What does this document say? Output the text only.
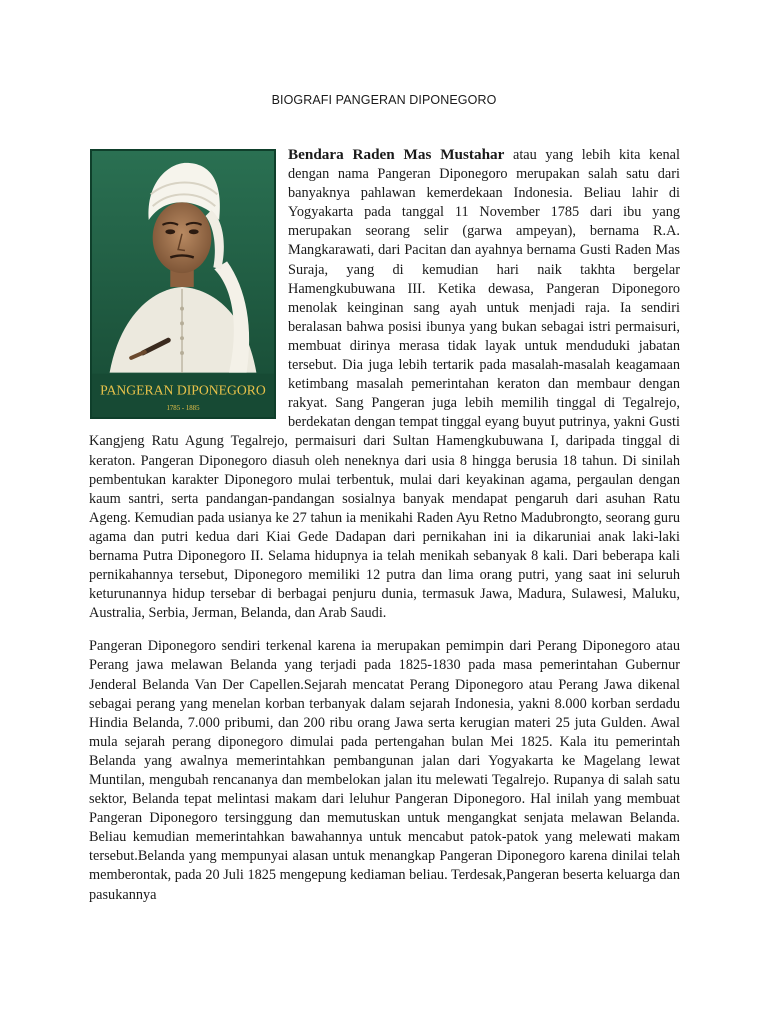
BIOGRAFI PANGERAN DIPONEGORO
PANGERAN DIPONEGORO
1785 - 1885

Bendara Raden Mas Mustahar atau yang lebih kita kenal dengan nama Pangeran Diponegoro merupakan salah satu dari banyaknya pahlawan kemerdekaan Indonesia. Beliau lahir di Yogyakarta pada tanggal 11 November 1785 dari ibu yang merupakan seorang selir (garwa ampeyan), bernama R.A. Mangkarawati, dari Pacitan dan ayahnya bernama Gusti Raden Mas Suraja, yang di kemudian hari naik takhta bergelar Hamengkubuwana III. Ketika dewasa, Pangeran Diponegoro menolak keinginan sang ayah untuk menjadi raja. Ia sendiri beralasan bahwa posisi ibunya yang bukan sebagai istri permaisuri, membuat dirinya merasa tidak layak untuk menduduki jabatan tersebut. Dia juga lebih tertarik pada masalah-masalah keagamaan ketimbang masalah pemerintahan keraton dan membaur dengan rakyat. Sang Pangeran juga lebih memilih tinggal di Tegalrejo, berdekatan dengan tempat tinggal eyang buyut putrinya, yakni Gusti Kangjeng Ratu Agung Tegalrejo, permaisuri dari Sultan Hamengkubuwana I, daripada tinggal di keraton. Pangeran Diponegoro diasuh oleh neneknya dari usia 8 hingga berusia 18 tahun. Di sinilah pembentukan karakter Diponegoro mulai terbentuk, mulai dari keyakinan agama, pergaulan dengan kaum santri, serta pandangan-pandangan sosialnya banyak mendapat pengaruh dari asuhan Ratu Ageng. Kemudian pada usianya ke 27 tahun ia menikahi Raden Ayu Retno Madubrongto, seorang guru agama dan putri kedua dari Kiai Gede Dadapan dari pernikahan ini ia dikaruniai anak laki-laki bernama Putra Diponegoro II. Selama hidupnya ia telah menikah sebanyak 8 kali. Dari beberapa kali pernikahannya tersebut, Diponegoro memiliki 12 putra dan lima orang putri, yang saat ini seluruh keturunannya hidup tersebar di berbagai penjuru dunia, termasuk Jawa, Madura, Sulawesi, Maluku, Australia, Serbia, Jerman, Belanda, dan Arab Saudi.

Pangeran Diponegoro sendiri terkenal karena ia merupakan pemimpin dari Perang Diponegoro atau Perang jawa melawan Belanda yang terjadi pada 1825-1830 pada masa pemerintahan Gubernur Jenderal Belanda Van Der Capellen.Sejarah mencatat Perang Diponegoro atau Perang Jawa dikenal sebagai perang yang menelan korban terbanyak dalam sejarah Indonesia, yakni 8.000 korban serdadu Hindia Belanda, 7.000 pribumi, dan 200 ribu orang Jawa serta kerugian materi 25 juta Gulden. Awal mula sejarah perang diponegoro dimulai pada pertengahan bulan Mei 1825. Kala itu pemerintah Belanda yang awalnya memerintahkan pembangunan jalan dari Yogyakarta ke Magelang lewat Muntilan, mengubah rencananya dan membelokan jalan itu melewati Tegalrejo. Rupanya di salah satu sektor, Belanda tepat melintasi makam dari leluhur Pangeran Diponegoro. Hal inilah yang membuat Pangeran Diponegoro tersinggung dan memutuskan untuk mengangkat senjata melawan Belanda. Beliau kemudian memerintahkan bawahannya untuk mencabut patok-patok yang melewati makam tersebut.Belanda yang mempunyai alasan untuk menangkap Pangeran Diponegoro karena dinilai telah memberontak, pada 20 Juli 1825 mengepung kediaman beliau. Terdesak,Pangeran beserta keluarga dan pasukannya
